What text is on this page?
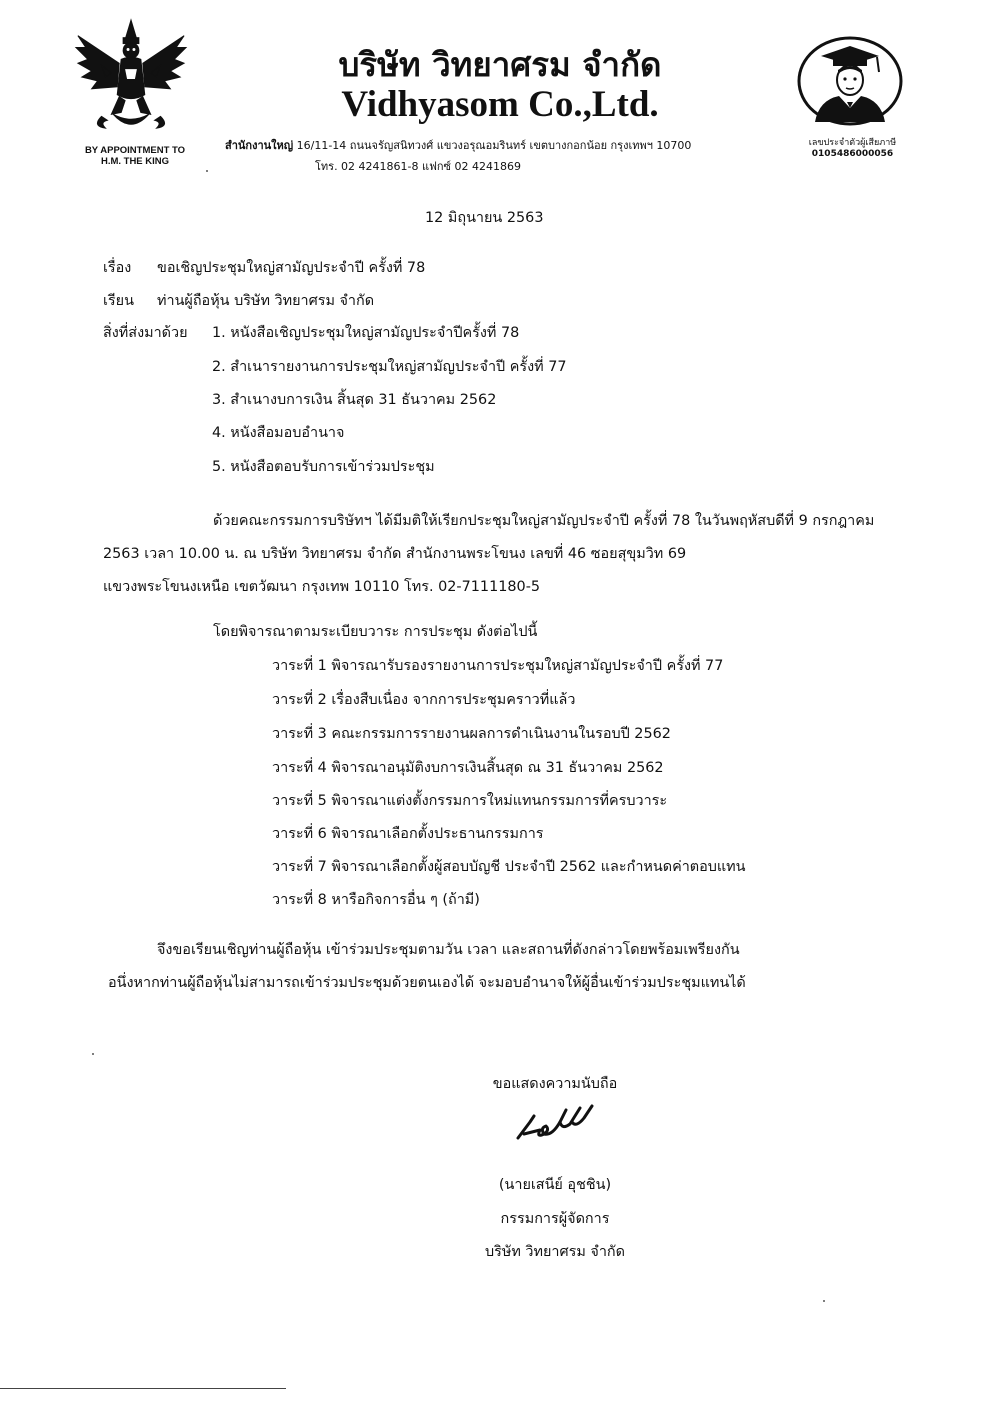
BY APPOINTMENT TO
H.M. THE KING
บริษัท วิทยาศรม จำกัด
Vidhyasom Co.,Ltd.
สำนักงานใหญ่ 16/11-14 ถนนจรัญสนิทวงศ์ แขวงอรุณอมรินทร์ เขตบางกอกน้อย กรุงเทพฯ 10700
โทร. 02 4241861-8 แฟกซ์ 02 4241869
เลขประจำตัวผู้เสียภาษี
0105486000056
12 มิถุนายน 2563
เรื่อง ขอเชิญประชุมใหญ่สามัญประจำปี ครั้งที่ 78
เรียน ท่านผู้ถือหุ้น บริษัท วิทยาศรม จำกัด
สิ่งที่ส่งมาด้วย 1. หนังสือเชิญประชุมใหญ่สามัญประจำปีครั้งที่ 78
2. สำเนารายงานการประชุมใหญ่สามัญประจำปี ครั้งที่ 77
3. สำเนางบการเงิน สิ้นสุด 31 ธันวาคม 2562
4. หนังสือมอบอำนาจ
5. หนังสือตอบรับการเข้าร่วมประชุม
ด้วยคณะกรรมการบริษัทฯ ได้มีมติให้เรียกประชุมใหญ่สามัญประจำปี ครั้งที่ 78 ในวันพฤหัสบดีที่ 9 กรกฎาคม
2563 เวลา 10.00 น. ณ บริษัท วิทยาศรม จำกัด สำนักงานพระโขนง เลขที่ 46 ซอยสุขุมวิท 69
แขวงพระโขนงเหนือ เขตวัฒนา กรุงเทพ 10110 โทร. 02-7111180-5
โดยพิจารณาตามระเบียบวาระ การประชุม ดังต่อไปนี้
วาระที่ 1 พิจารณารับรองรายงานการประชุมใหญ่สามัญประจำปี ครั้งที่ 77
วาระที่ 2 เรื่องสืบเนื่อง จากการประชุมคราวที่แล้ว
วาระที่ 3 คณะกรรมการรายงานผลการดำเนินงานในรอบปี 2562
วาระที่ 4 พิจารณาอนุมัติงบการเงินสิ้นสุด ณ 31 ธันวาคม 2562
วาระที่ 5 พิจารณาแต่งตั้งกรรมการใหม่แทนกรรมการที่ครบวาระ
วาระที่ 6 พิจารณาเลือกตั้งประธานกรรมการ
วาระที่ 7 พิจารณาเลือกตั้งผู้สอบบัญชี ประจำปี 2562 และกำหนดค่าตอบแทน
วาระที่ 8 หารือกิจการอื่น ๆ (ถ้ามี)
จึงขอเรียนเชิญท่านผู้ถือหุ้น เข้าร่วมประชุมตามวัน เวลา และสถานที่ดังกล่าวโดยพร้อมเพรียงกัน
อนึ่งหากท่านผู้ถือหุ้นไม่สามารถเข้าร่วมประชุมด้วยตนเองได้ จะมอบอำนาจให้ผู้อื่นเข้าร่วมประชุมแทนได้
ขอแสดงความนับถือ
(นายเสนีย์ อุชชิน)
กรรมการผู้จัดการ
บริษัท วิทยาศรม จำกัด
